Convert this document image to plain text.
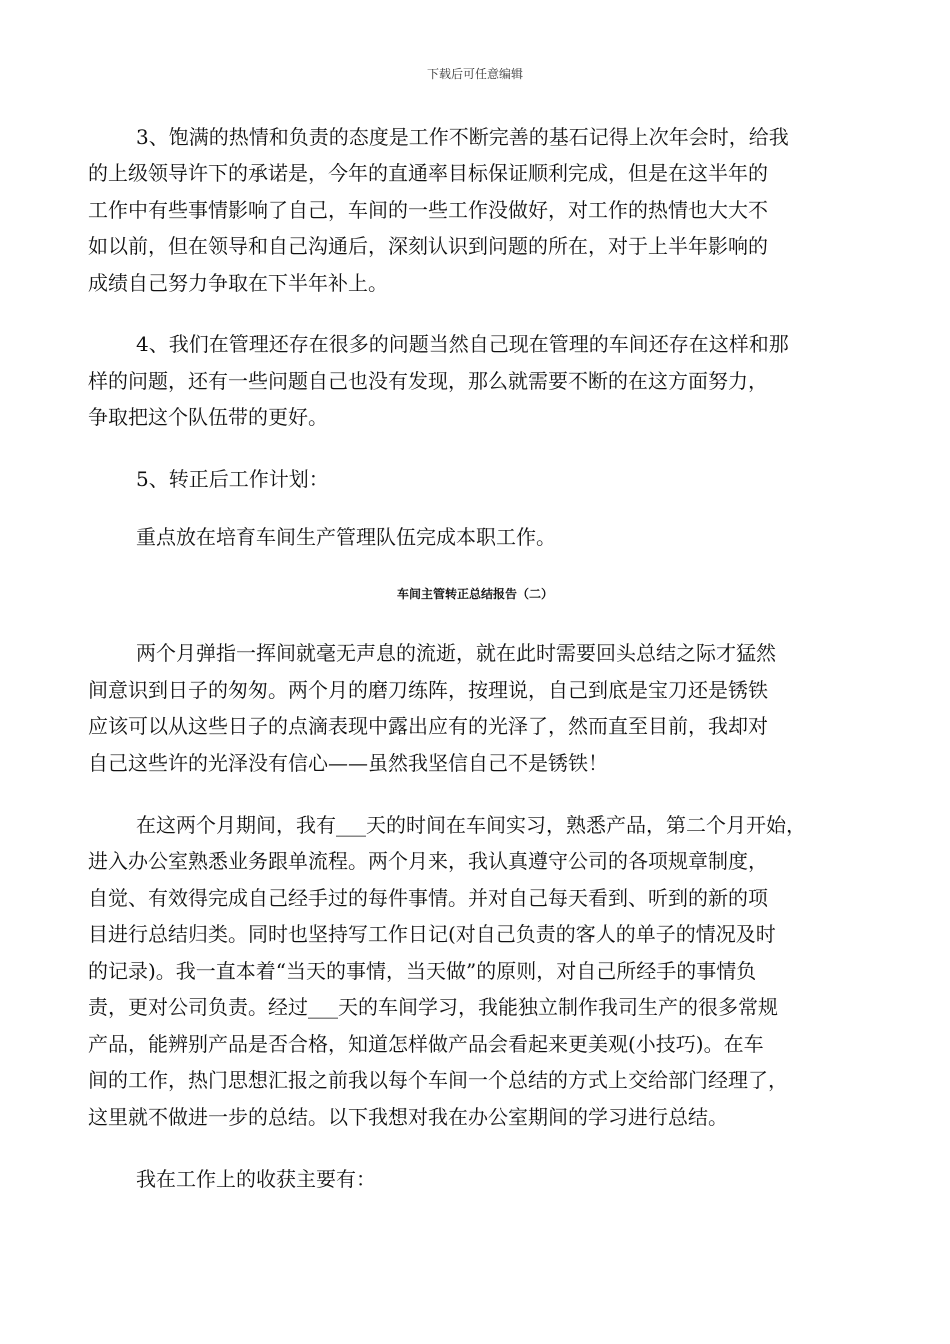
下载后可任意编辑
3、饱满的热情和负责的态度是工作不断完善的基石记得上次年会时，给我
的上级领导许下的承诺是，今年的直通率目标保证顺利完成，但是在这半年的
工作中有些事情影响了自己，车间的一些工作没做好，对工作的热情也大大不
如以前，但在领导和自己沟通后，深刻认识到问题的所在，对于上半年影响的
成绩自己努力争取在下半年补上。
4、我们在管理还存在很多的问题当然自己现在管理的车间还存在这样和那
样的问题，还有一些问题自己也没有发现，那么就需要不断的在这方面努力，
争取把这个队伍带的更好。
5、转正后工作计划：
重点放在培育车间生产管理队伍完成本职工作。
车间主管转正总结报告（二）
两个月弹指一挥间就毫无声息的流逝，就在此时需要回头总结之际才猛然
间意识到日子的匆匆。两个月的磨刀练阵，按理说，自己到底是宝刀还是锈铁
应该可以从这些日子的点滴表现中露出应有的光泽了，然而直至目前，我却对
自己这些许的光泽没有信心——虽然我坚信自己不是锈铁！
在这两个月期间，我有___天的时间在车间实习，熟悉产品，第二个月开始，
进入办公室熟悉业务跟单流程。两个月来，我认真遵守公司的各项规章制度，
自觉、有效得完成自己经手过的每件事情。并对自己每天看到、听到的新的项
目进行总结归类。同时也坚持写工作日记(对自己负责的客人的单子的情况及时
的记录)。我一直本着“当天的事情，当天做”的原则，对自己所经手的事情负
责，更对公司负责。经过___天的车间学习，我能独立制作我司生产的很多常规
产品，能辨别产品是否合格，知道怎样做产品会看起来更美观(小技巧)。在车
间的工作，热门思想汇报之前我以每个车间一个总结的方式上交给部门经理了，
这里就不做进一步的总结。以下我想对我在办公室期间的学习进行总结。
我在工作上的收获主要有：
